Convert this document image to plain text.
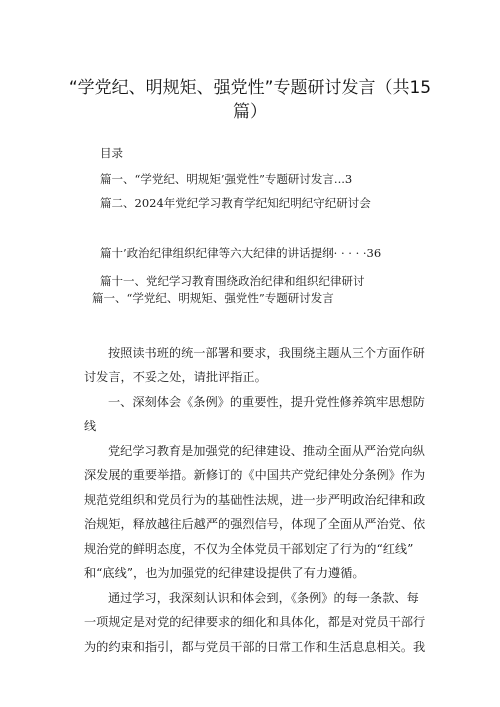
“学党纪、明规矩、强党性”专题研讨发言（共15
篇）
目录
篇一、“学党纪、明规矩’强党性”专题研讨发言...3
篇二、2024年党纪学习教育学纪知纪明纪守纪研讨会
篇十’政治纪律组织纪律等六大纪律的讲话提纲· · · · ·36
篇十一、党纪学习教育围绕政治纪律和组织纪律研讨
篇一、“学党纪、明规矩、强党性”专题研讨发言
按照读书班的统一部署和要求，我围绕主题从三个方面作研
讨发言，不妥之处，请批评指正。
一、深刻体会《条例》的重要性，提升党性修养筑牢思想防
线
党纪学习教育是加强党的纪律建设、推动全面从严治党向纵
深发展的重要举措。新修订的《中国共产党纪律处分条例》作为
规范党组织和党员行为的基础性法规，进一步严明政治纪律和政
治规矩，释放越往后越严的强烈信号，体现了全面从严治党、依
规治党的鲜明态度，不仅为全体党员干部划定了行为的“红线”
和“底线”，也为加强党的纪律建设提供了有力遵循。
通过学习，我深刻认识和体会到，《条例》的每一条款、每
一项规定是对党的纪律要求的细化和具体化，都是对党员干部行
为的约束和指引，都与党员干部的日常工作和生活息息相关。我
